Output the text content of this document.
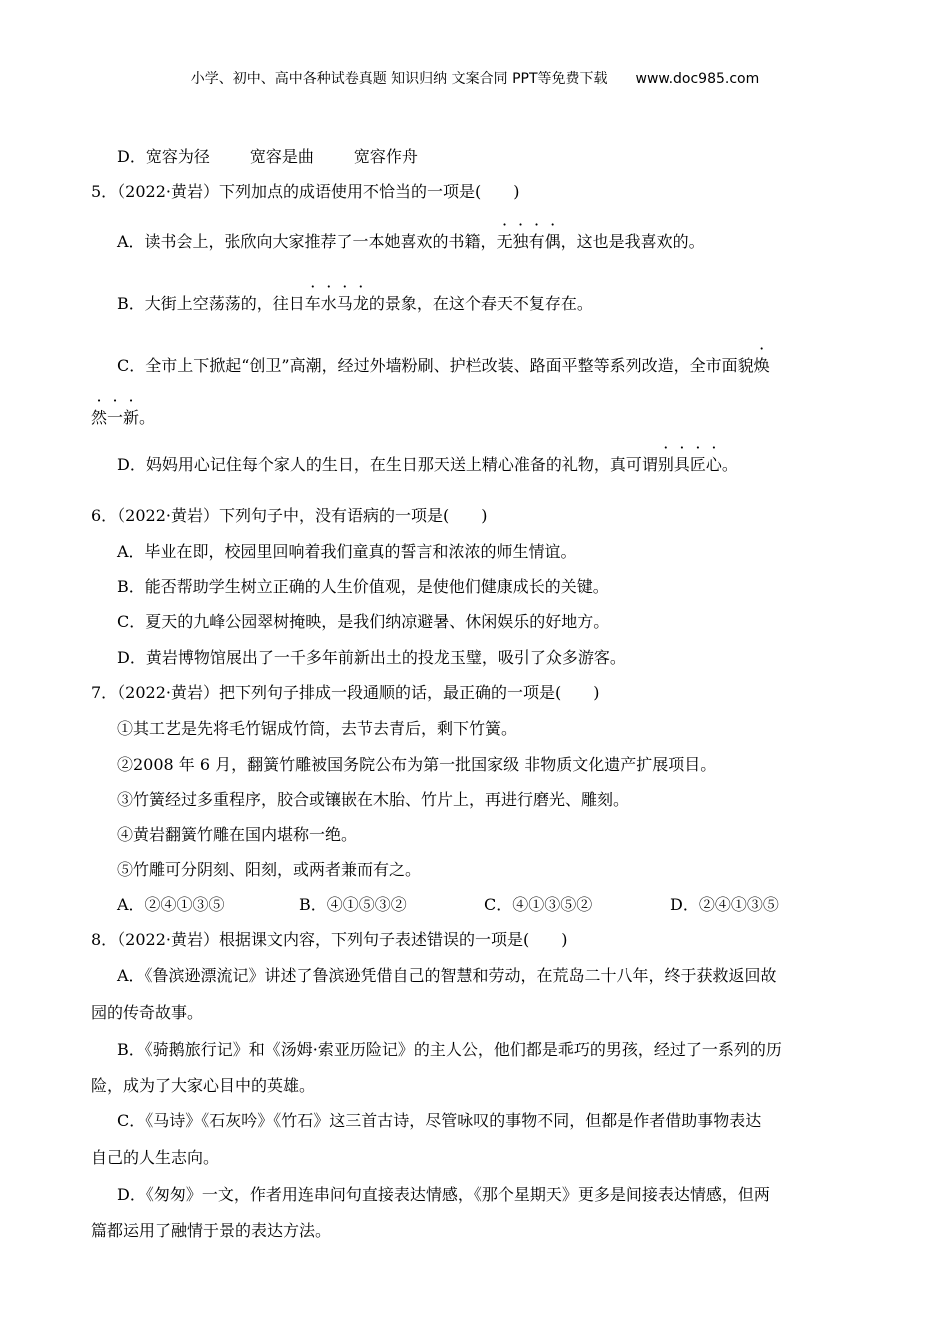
小学、初中、高中各种试卷真题 知识归纳 文案合同 PPT等免费下载 www.doc985.com
D．宽容为径	宽容是曲	宽容作舟
5．（2022·黄岩）下列加点的成语使用不恰当的一项是(　　)
A．读书会上，张欣向大家推荐了一本她喜欢的书籍，无独有偶，这也是我喜欢的。
B．大街上空荡荡的，往日车水马龙的景象，在这个春天不复存在。
C．全市上下掀起“创卫”高潮，经过外墙粉刷、护栏改装、路面平整等系列改造，全市面貌焕
然一新。
D．妈妈用心记住每个家人的生日，在生日那天送上精心准备的礼物，真可谓别具匠心。
6．（2022·黄岩）下列句子中，没有语病的一项是(　　)
A．毕业在即，校园里回响着我们童真的誓言和浓浓的师生情谊。
B．能否帮助学生树立正确的人生价值观，是使他们健康成长的关键。
C．夏天的九峰公园翠树掩映，是我们纳凉避暑、休闲娱乐的好地方。
D．黄岩博物馆展出了一千多年前新出土的投龙玉璧，吸引了众多游客。
7．（2022·黄岩）把下列句子排成一段通顺的话，最正确的一项是(　　)
①其工艺是先将毛竹锯成竹筒，去节去青后，剩下竹簧。
②2008 年 6 月，翻簧竹雕被国务院公布为第一批国家级 非物质文化遗产扩展项目。
③竹簧经过多重程序，胶合或镶嵌在木胎、竹片上，再进行磨光、雕刻。
④黄岩翻簧竹雕在国内堪称一绝。
⑤竹雕可分阴刻、阳刻，或两者兼而有之。
A．②④①③⑤	B．④①⑤③②	C．④①③⑤②	D．②④①③⑤
8．（2022·黄岩）根据课文内容，下列句子表述错误的一项是(　　)
A．《鲁滨逊漂流记》讲述了鲁滨逊凭借自己的智慧和劳动，在荒岛二十八年，终于获救返回故
园的传奇故事。
B．《骑鹅旅行记》和《汤姆·索亚历险记》的主人公，他们都是乖巧的男孩，经过了一系列的历
险，成为了大家心目中的英雄。
C．《马诗》《石灰吟》《竹石》这三首古诗，尽管咏叹的事物不同，但都是作者借助事物表达
自己的人生志向。
D．《匆匆》一文，作者用连串问句直接表达情感，《那个星期天》更多是间接表达情感，但两
篇都运用了融情于景的表达方法。
